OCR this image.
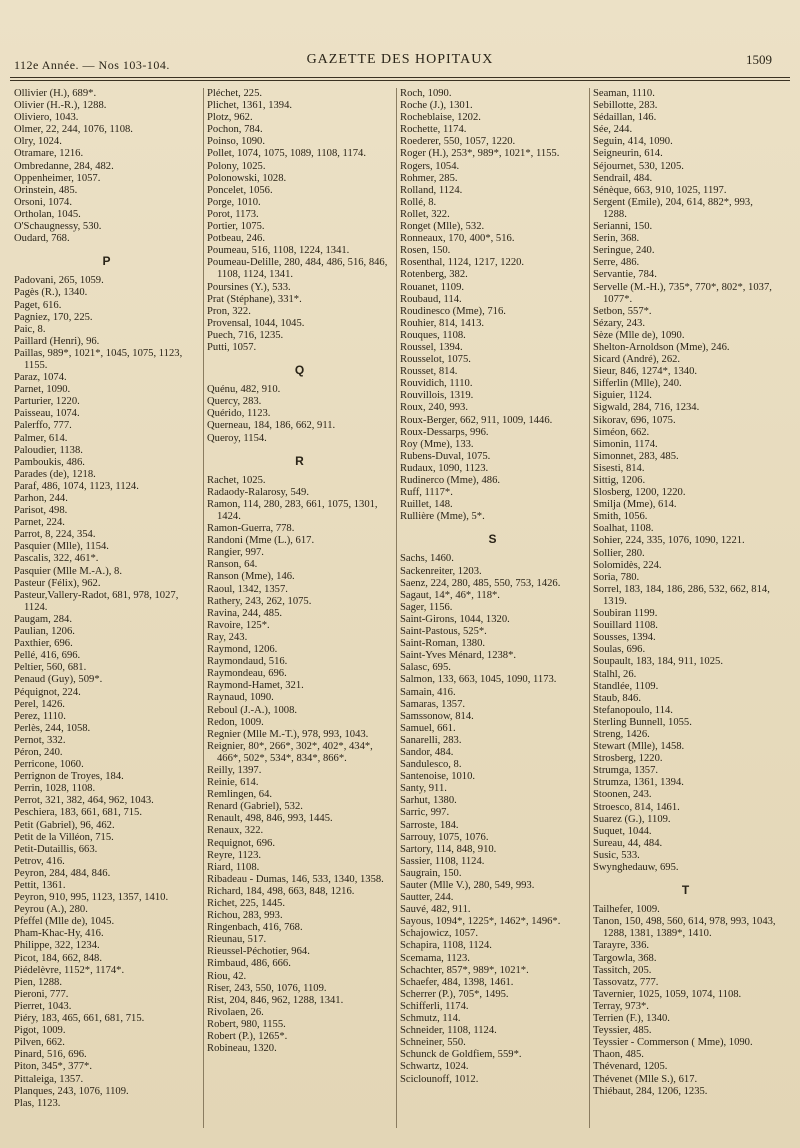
112e Année. — Nos 103-104.	GAZETTE DES HOPITAUX	1509
Ollivier (H.), 689*.
Olivier (H.-R.), 1288.
Oliviero, 1043.
Olmer, 22, 244, 1076, 1108.
Olry, 1024.
Otramare, 1216.
Ombredanne, 284, 482.
Oppenheimer, 1057.
Orinstein, 485.
Orsoni, 1074.
Ortholan, 1045.
O'Schaugnessy, 530.
Oudard, 768.
P
Padovani, 265, 1059.
Pagès (R.), 1340.
Paget, 616.
Pagniez, 170, 225.
Paic, 8.
Paillard (Henri), 96.
Paillas, 989*, 1021*, 1045, 1075, 1123, 1155.
Paraz, 1074.
Parnet, 1090.
Parturier, 1220.
Paisseau, 1074.
Palerffo, 777.
Palmer, 614.
Paloudier, 1138.
Pamboukis, 486.
Parades (de), 1218.
Paraf, 486, 1074, 1123, 1124.
Parhon, 244.
Parisot, 498.
Parnet, 224.
Parrot, 8, 224, 354.
Pasquier (Mlle), 1154.
Pascalis, 322, 461*.
Pasquier (Mlle M.-A.), 8.
Pasteur (Félix), 962.
Pasteur,Vallery-Radot, 681, 978, 1027, 1124.
Paugam, 284.
Paulian, 1206.
Paxthier, 696.
Pellé, 416, 696.
Peltier, 560, 681.
Penaud (Guy), 509*.
Péquignot, 224.
Perel, 1426.
Perez, 1110.
Perlès, 244, 1058.
Pernot, 332.
Péron, 240.
Perricone, 1060.
Perrignon de Troyes, 184.
Perrin, 1028, 1108.
Perrot, 321, 382, 464, 962, 1043.
Peschiera, 183, 661, 681, 715.
Petit (Gabriel), 96, 462.
Petit de la Villéon, 715.
Petit-Dutaillis, 663.
Petrov, 416.
Peyron, 284, 484, 846.
Pettit, 1361.
Peyron, 910, 995, 1123, 1357, 1410.
Peyrou (A.), 280.
Pfeffel (Mlle de), 1045.
Pham-Khac-Hy, 416.
Philippe, 322, 1234.
Picot, 184, 662, 848.
Piédelèvre, 1152*, 1174*.
Pien, 1288.
Pieroni, 777.
Pierret, 1043.
Piéry, 183, 465, 661, 681, 715.
Pigot, 1009.
Pilven, 662.
Pinard, 516, 696.
Piton, 345*, 377*.
Pittaleiga, 1357.
Planques, 243, 1076, 1109.
Plas, 1123.
Pléchet, 225.
Plichet, 1361, 1394.
Plotz, 962.
Pochon, 784.
Poinso, 1090.
Pollet, 1074, 1075, 1089, 1108, 1174.
Polony, 1025.
Polonowski, 1028.
Poncelet, 1056.
Porge, 1010.
Porot, 1173.
Portier, 1075.
Potbeau, 246.
Poumeau, 516, 1108, 1224, 1341.
Poumeau-Delille, 280, 484, 486, 516, 846, 1108, 1124, 1341.
Poursines (Y.), 533.
Prat (Stéphane), 331*.
Pron, 322.
Provensal, 1044, 1045.
Puech, 716, 1235.
Putti, 1057.
Q
Quénu, 482, 910.
Quercy, 283.
Quérido, 1123.
Querneau, 184, 186, 662, 911.
Queroy, 1154.
R
Rachet, 1025.
Radaody-Ralarosy, 549.
Ramon, 114, 280, 283, 661, 1075, 1301, 1424.
Ramon-Guerra, 778.
Randoni (Mme (L.), 617.
Rangier, 997.
Ranson, 64.
Ranson (Mme), 146.
Raoul, 1342, 1357.
Rathery, 243, 262, 1075.
Ravina, 244, 485.
Ravoire, 125*.
Ray, 243.
Raymond, 1206.
Raymondaud, 516.
Raymondeau, 696.
Raymond-Hamet, 321.
Raynaud, 1090.
Reboul (J.-A.), 1008.
Redon, 1009.
Regnier (Mlle M.-T.), 978, 993, 1043.
Reignier, 80*, 266*, 302*, 402*, 434*, 466*, 502*, 534*, 834*, 866*.
Reilly, 1397.
Reinie, 614.
Remlingen, 64.
Renard (Gabriel), 532.
Renault, 498, 846, 993, 1445.
Renaux, 322.
Requignot, 696.
Reyre, 1123.
Riard, 1108.
Ribadeau - Dumas, 146, 533, 1340, 1358.
Richard, 184, 498, 663, 848, 1216.
Richet, 225, 1445.
Richou, 283, 993.
Ringenbach, 416, 768.
Rieunau, 517.
Rieussel-Péchotier, 964.
Rimbaud, 486, 666.
Riou, 42.
Riser, 243, 550, 1076, 1109.
Rist, 204, 846, 962, 1288, 1341.
Rivolaen, 26.
Robert, 980, 1155.
Robert (P.), 1265*.
Robineau, 1320.
Roch, 1090.
Roche (J.), 1301.
Rocheblaise, 1202.
Rochette, 1174.
Roederer, 550, 1057, 1220.
Roger (H.), 253*, 989*, 1021*, 1155.
Rogers, 1054.
Rohmer, 285.
Rolland, 1124.
Rollé, 8.
Rollet, 322.
Ronget (Mlle), 532.
Ronneaux, 170, 400*, 516.
Rosen, 150.
Rosenthal, 1124, 1217, 1220.
Rotenberg, 382.
Rouanet, 1109.
Roubaud, 114.
Roudinesco (Mme), 716.
Rouhier, 814, 1413.
Rouques, 1108.
Roussel, 1394.
Rousselot, 1075.
Rousset, 814.
Rouvidich, 1110.
Rouvillois, 1319.
Roux, 240, 993.
Roux-Berger, 662, 911, 1009, 1446.
Roux-Dessarps, 996.
Roy (Mme), 133.
Rubens-Duval, 1075.
Rudaux, 1090, 1123.
Rudinerco (Mme), 486.
Ruff, 1117*.
Ruillet, 148.
Rullière (Mme), 5*.
S
Sachs, 1460.
Sackenreiter, 1203.
Saenz, 224, 280, 485, 550, 753, 1426.
Sagaut, 14*, 46*, 118*.
Sager, 1156.
Saint-Girons, 1044, 1320.
Saint-Pastous, 525*.
Saint-Roman, 1380.
Saint-Yves Ménard, 1238*.
Salasc, 695.
Salmon, 133, 663, 1045, 1090, 1173.
Samain, 416.
Samaras, 1357.
Samssonow, 814.
Samuel, 661.
Sanarelli, 283.
Sandor, 484.
Sandulesco, 8.
Santenoise, 1010.
Santy, 911.
Sarhut, 1380.
Sarric, 997.
Sarroste, 184.
Sarrouy, 1075, 1076.
Sartory, 114, 848, 910.
Sassier, 1108, 1124.
Saugrain, 150.
Sauter (Mlle V.), 280, 549, 993.
Sautter, 244.
Sauvé, 482, 911.
Sayous, 1094*, 1225*, 1462*, 1496*.
Schajowicz, 1057.
Schapira, 1108, 1124.
Scemama, 1123.
Schachter, 857*, 989*, 1021*.
Schaefer, 484, 1398, 1461.
Scherrer (P.), 705*, 1495.
Schifferli, 1174.
Schmutz, 114.
Schneider, 1108, 1124.
Schneiner, 550.
Schunck de Goldfiem, 559*.
Schwartz, 1024.
Sciclounoff, 1012.
Seaman, 1110.
Sebillotte, 283.
Sédaillan, 146.
Sée, 244.
Seguin, 414, 1090.
Seigneurin, 614.
Séjournet, 530, 1205.
Sendrail, 484.
Sénèque, 663, 910, 1025, 1197.
Sergent (Emile), 204, 614, 882*, 993, 1288.
Serianni, 150.
Serin, 368.
Seringue, 240.
Serre, 486.
Servantie, 784.
Servelle (M.-H.), 735*, 770*, 802*, 1037, 1077*.
Setbon, 557*.
Sézary, 243.
Sèze (Mlle de), 1090.
Shelton-Arnoldson (Mme), 246.
Sicard (André), 262.
Sieur, 846, 1274*, 1340.
Sifferlin (Mlle), 240.
Siguier, 1124.
Sigwald, 284, 716, 1234.
Sikorav, 696, 1075.
Siméon, 662.
Simonin, 1174.
Simonnet, 283, 485.
Sisesti, 814.
Sittig, 1206.
Slosberg, 1200, 1220.
Smilja (Mme), 614.
Smith, 1056.
Soalhat, 1108.
Sohier, 224, 335, 1076, 1090, 1221.
Sollier, 280.
Solomidès, 224.
Soria, 780.
Sorrel, 183, 184, 186, 286, 532, 662, 814, 1319.
Soubiran 1199.
Souillard 1108.
Sousses, 1394.
Soulas, 696.
Soupault, 183, 184, 911, 1025.
Stalhl, 26.
Standlée, 1109.
Staub, 846.
Stefanopoulo, 114.
Sterling Bunnell, 1055.
Streng, 1426.
Stewart (Mlle), 1458.
Strosberg, 1220.
Strumga, 1357.
Strumza, 1361, 1394.
Stoonen, 243.
Stroesco, 814, 1461.
Suarez (G.), 1109.
Suquet, 1044.
Sureau, 44, 484.
Susic, 533.
Swynghedauw, 695.
T
Tailhefer, 1009.
Tanon, 150, 498, 560, 614, 978, 993, 1043, 1288, 1381, 1389*, 1410.
Tarayre, 336.
Targowla, 368.
Tassitch, 205.
Tassovatz, 777.
Tavernier, 1025, 1059, 1074, 1108.
Terray, 973*.
Terrien (F.), 1340.
Teyssier, 485.
Teyssier - Commerson ( Mme), 1090.
Thaon, 485.
Thévenard, 1205.
Thévenet (Mlle S.), 617.
Thiébaut, 284, 1206, 1235.
